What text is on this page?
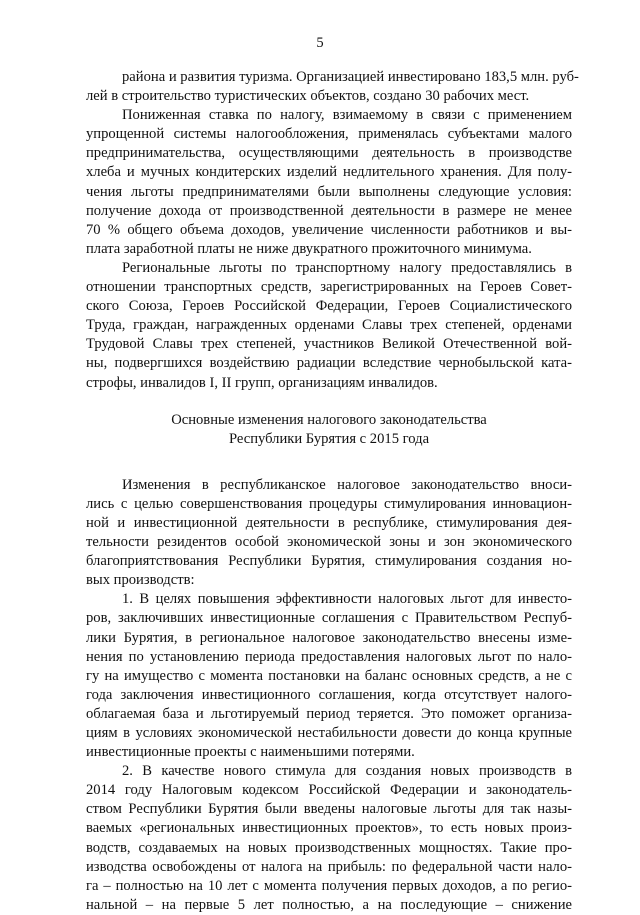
5
района и развития туризма. Организацией инвестировано 183,5 млн. руб-
лей в строительство туристических объектов, создано 30 рабочих мест.
Пониженная ставка по налогу, взимаемому в связи с применением
упрощенной системы налогообложения, применялась субъектами малого
предпринимательства, осуществляющими деятельность в производстве
хлеба и мучных кондитерских изделий недлительного хранения. Для полу-
чения льготы предпринимателями были выполнены следующие условия:
получение дохода от производственной деятельности в размере не менее
70 % общего объема доходов, увеличение численности работников и вы-
плата заработной платы не ниже двукратного прожиточного минимума.
Региональные льготы по транспортному налогу предоставлялись в
отношении транспортных средств, зарегистрированных на Героев Совет-
ского Союза, Героев Российской Федерации, Героев Социалистического
Труда, граждан, награжденных орденами Славы трех степеней, орденами
Трудовой Славы трех степеней, участников Великой Отечественной вой-
ны, подвергшихся воздействию радиации вследствие чернобыльской ката-
строфы, инвалидов I, II групп, организациям инвалидов.
Основные изменения налогового законодательства
Республики Бурятия с 2015 года
Изменения в республиканское налоговое законодательство вноси-
лись с целью совершенствования процедуры стимулирования инновацион-
ной и инвестиционной деятельности в республике, стимулирования дея-
тельности резидентов особой экономической зоны и зон экономического
благоприятствования Республики Бурятия, стимулирования создания но-
вых производств:
1. В целях повышения эффективности налоговых льгот для инвесто-
ров, заключивших инвестиционные соглашения с Правительством Респуб-
лики Бурятия, в региональное налоговое законодательство внесены изме-
нения по установлению периода предоставления налоговых льгот по нало-
гу на имущество с момента постановки на баланс основных средств, а не с
года заключения инвестиционного соглашения, когда отсутствует налого-
облагаемая база и льготируемый период теряется. Это поможет организа-
циям в условиях экономической нестабильности довести до конца крупные
инвестиционные проекты с наименьшими потерями.
2. В качестве нового стимула для создания новых производств в
2014 году Налоговым кодексом Российской Федерации и законодатель-
ством Республики Бурятия были введены налоговые льготы для так назы-
ваемых «региональных инвестиционных проектов», то есть новых произ-
водств, создаваемых на новых производственных мощностях. Такие про-
изводства освобождены от налога на прибыль: по федеральной части нало-
га – полностью на 10 лет с момента получения первых доходов, а по регио-
нальной – на первые 5 лет полностью, а на последующие – снижение
